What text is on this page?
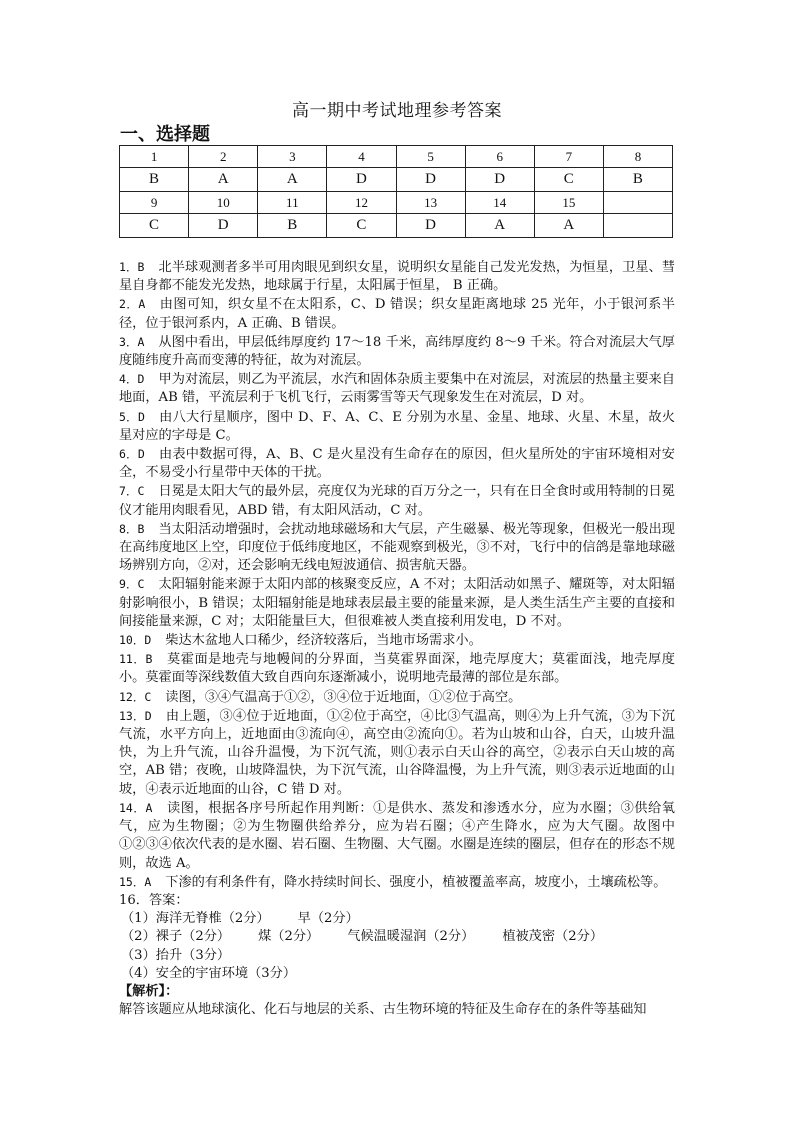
高一期中考试地理参考答案
一、选择题
1	2	3	4	5	6	7	8
B	A	A	D	D	D	C	B
9	10	11	12	13	14	15	
C	D	B	C	D	A	A	

1．B 北半球观测者多半可用肉眼见到织女星，说明织女星能自己发光发热，为恒星，卫星、彗星自身都不能发光发热，地球属于行星，太阳属于恒星， B 正确。

2．A 由图可知，织女星不在太阳系，C、D 错误；织女星距离地球 25 光年，小于银河系半径，位于银河系内，A 正确、B 错误。

3．A 从图中看出，甲层低纬厚度约 17～18 千米，高纬厚度约 8～9 千米。符合对流层大气厚度随纬度升高而变薄的特征，故为对流层。

4．D 甲为对流层，则乙为平流层，水汽和固体杂质主要集中在对流层，对流层的热量主要来自地面，AB 错，平流层利于飞机飞行，云雨雾雪等天气现象发生在对流层，D 对。

5．D 由八大行星顺序，图中 D、F、A、C、E 分别为水星、金星、地球、火星、木星，故火星对应的字母是 C。

6．D 由表中数据可得，A、B、C 是火星没有生命存在的原因，但火星所处的宇宙环境相对安全，不易受小行星带中天体的干扰。

7．C 日冕是太阳大气的最外层，亮度仅为光球的百万分之一，只有在日全食时或用特制的日冕仪才能用肉眼看见，ABD 错，有太阳风活动，C 对。

8．B 当太阳活动增强时，会扰动地球磁场和大气层，产生磁暴、极光等现象，但极光一般出现在高纬度地区上空，印度位于低纬度地区，不能观察到极光，③不对，飞行中的信鸽是靠地球磁场辨别方向，②对，还会影响无线电短波通信、损害航天器。

9．C 太阳辐射能来源于太阳内部的核聚变反应，A 不对；太阳活动如黑子、耀斑等，对太阳辐射影响很小，B 错误；太阳辐射能是地球表层最主要的能量来源，是人类生活生产主要的直接和间接能量来源，C 对；太阳能量巨大，但很难被人类直接利用发电，D 不对。

10．D 柴达木盆地人口稀少，经济较落后，当地市场需求小。

11．B 莫霍面是地壳与地幔间的分界面，当莫霍界面深，地壳厚度大；莫霍面浅，地壳厚度小。莫霍面等深线数值大致自西向东逐渐减小，说明地壳最薄的部位是东部。

12．C 读图，③④气温高于①②，③④位于近地面，①②位于高空。

13．D 由上题，③④位于近地面，①②位于高空，④比③气温高，则④为上升气流，③为下沉气流，水平方向上，近地面由③流向④，高空由②流向①。若为山坡和山谷，白天，山坡升温快，为上升气流，山谷升温慢，为下沉气流，则①表示白天山谷的高空，②表示白天山坡的高空，AB 错；夜晚，山坡降温快，为下沉气流，山谷降温慢，为上升气流，则③表示近地面的山坡，④表示近地面的山谷，C 错 D 对。

14．A 读图，根据各序号所起作用判断：①是供水、蒸发和渗透水分，应为水圈；③供给氧气，应为生物圈；②为生物圈供给养分，应为岩石圈；④产生降水，应为大气圈。故图中①②③④依次代表的是水圈、岩石圈、生物圈、大气圈。水圈是连续的圈层，但存在的形态不规则，故选 A。

15．A 下渗的有利条件有，降水持续时间长、强度小，植被覆盖率高，坡度小，土壤疏松等。

16．答案：

（1）海洋无脊椎（2分） 早（2分）

（2）裸子（2分） 煤（2分） 气候温暖湿润（2分） 植被茂密（2分）

（3）抬升（3分）

（4）安全的宇宙环境（3分）

【解析】：

解答该题应从地球演化、化石与地层的关系、古生物环境的特征及生命存在的条件等基础知
